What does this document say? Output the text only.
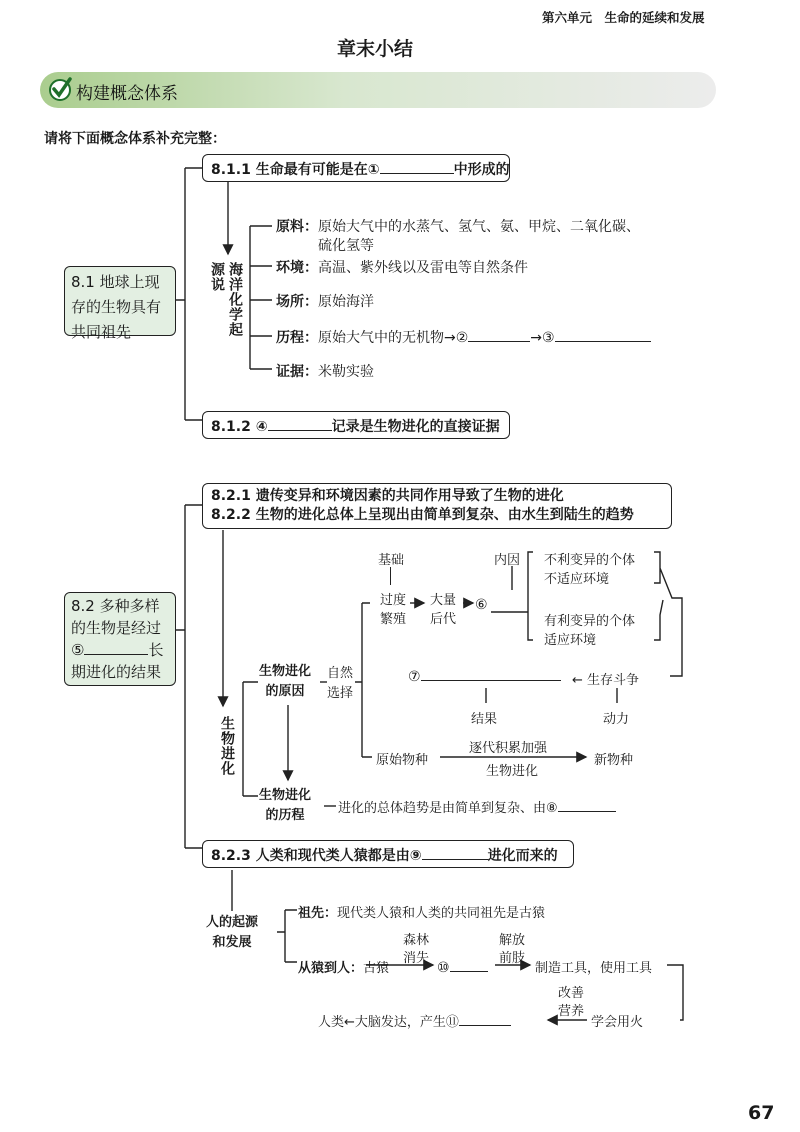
第六单元　生命的延续和发展
章末小结
构建概念体系
请将下面概念体系补充完整：
8.1 地球上现存的生物具有共同祖先
8.1.1 生命最有可能是在①	中形成的
海洋化学起源说
原料：原始大气中的水蒸气、氢气、氨、甲烷、二氧化碳、
硫化氢等
环境：高温、紫外线以及雷电等自然条件
场所：原始海洋
历程：原始大气中的无机物→②	→③
证据：米勒实验
8.1.2 ④	记录是生物进化的直接证据
8.2 多种多样
的生物是经过
⑤	长
期进化的结果
8.2.1 遗传变异和环境因素的共同作用导致了生物的进化
8.2.2 生物的进化总体上呈现出由简单到复杂、由水生到陆生的趋势
生物进化
生物进化
的原因
自然
选择
基础
过度
繁殖
大量
后代
⑥
内因 不利变异的个体
不适应环境
有利变异的个体
适应环境
⑦	← 生存斗争
结果	动力
原始物种
逐代积累加强
生物进化
新物种
生物进化
的历程	进化的总体趋势是由简单到复杂、由⑧
8.2.3 人类和现代类人猿都是由⑨	进化而来的
人的起源
和发展
祖先：现代类人猿和人类的共同祖先是古猿
从猿到人：古猿
森林
消失
⑩
解放
前肢
制造工具，使用工具
改善
营养
学会用火
人类←大脑发达，产生⑪
67
